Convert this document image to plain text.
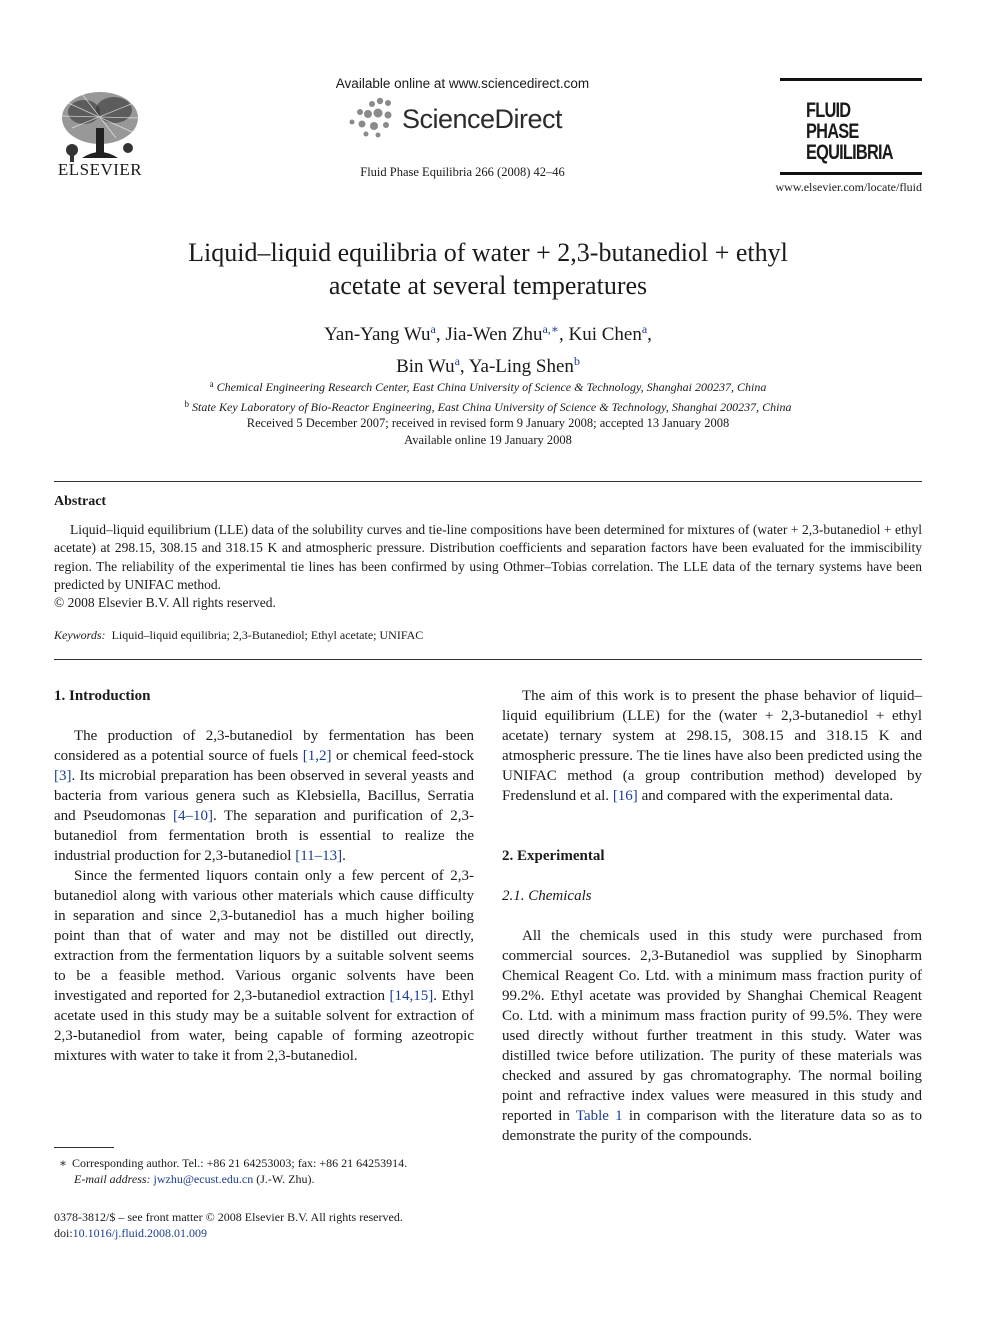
ELSEVIER
Available online at www.sciencedirect.com
ScienceDirect
Fluid Phase Equilibria 266 (2008) 42–46
FLUID PHASE
EQUILIBRIA
www.elsevier.com/locate/fluid
Liquid–liquid equilibria of water + 2,3-butanediol + ethyl
acetate at several temperatures
Yan-Yang Wu$^a$, Jia-Wen Zhu$^{a,∗}$, Kui Chen$^a$,
Bin Wu$^a$, Ya-Ling Shen$^b$
$^a$ Chemical Engineering Research Center, East China University of Science & Technology, Shanghai 200237, China
$^b$ State Key Laboratory of Bio-Reactor Engineering, East China University of Science & Technology, Shanghai 200237, China
Received 5 December 2007; received in revised form 9 January 2008; accepted 13 January 2008
Available online 19 January 2008
Abstract
Liquid–liquid equilibrium (LLE) data of the solubility curves and tie-line compositions have been determined for mixtures of (water + 2,3-butanediol + ethyl acetate) at 298.15, 308.15 and 318.15 K and atmospheric pressure. Distribution coefficients and separation factors have been evaluated for the immiscibility region. The reliability of the experimental tie lines has been confirmed by using Othmer–Tobias correlation. The LLE data of the ternary systems have been predicted by UNIFAC method.
© 2008 Elsevier B.V. All rights reserved.
Keywords: Liquid–liquid equilibria; 2,3-Butanediol; Ethyl acetate; UNIFAC
1. Introduction

The production of 2,3-butanediol by fermentation has been considered as a potential source of fuels [1,2] or chemical feed-stock [3]. Its microbial preparation has been observed in several yeasts and bacteria from various genera such as Klebsiella, Bacillus, Serratia and Pseudomonas [4–10]. The separation and purification of 2,3-butanediol from fermentation broth is essential to realize the industrial production for 2,3-butanediol [11–13].

Since the fermented liquors contain only a few percent of 2,3-butanediol along with various other materials which cause difficulty in separation and since 2,3-butanediol has a much higher boiling point than that of water and may not be distilled out directly, extraction from the fermentation liquors by a suitable solvent seems to be a feasible method. Various organic solvents have been investigated and reported for 2,3-butanediol extraction [14,15]. Ethyl acetate used in this study may be a suitable solvent for extraction of 2,3-butanediol from water, being capable of forming azeotropic mixtures with water to take it from 2,3-butanediol.

The aim of this work is to present the phase behavior of liquid–liquid equilibrium (LLE) for the (water + 2,3-butanediol + ethyl acetate) ternary system at 298.15, 308.15 and 318.15 K and atmospheric pressure. The tie lines have also been predicted using the UNIFAC method (a group contribution method) developed by Fredenslund et al. [16] and compared with the experimental data.

2. Experimental
2.1. Chemicals

All the chemicals used in this study were purchased from commercial sources. 2,3-Butanediol was supplied by Sinopharm Chemical Reagent Co. Ltd. with a minimum mass fraction purity of 99.2%. Ethyl acetate was provided by Shanghai Chemical Reagent Co. Ltd. with a minimum mass fraction purity of 99.5%. They were used directly without further treatment in this study. Water was distilled twice before utilization. The purity of these materials was checked and assured by gas chromatography. The normal boiling point and refractive index values were measured in this study and reported in Table 1 in comparison with the literature data so as to demonstrate the purity of the compounds.

∗ Corresponding author. Tel.: +86 21 64253003; fax: +86 21 64253914.
E-mail address: jwzhu@ecust.edu.cn (J.-W. Zhu).
0378-3812/$ – see front matter © 2008 Elsevier B.V. All rights reserved.
doi:10.1016/j.fluid.2008.01.009
